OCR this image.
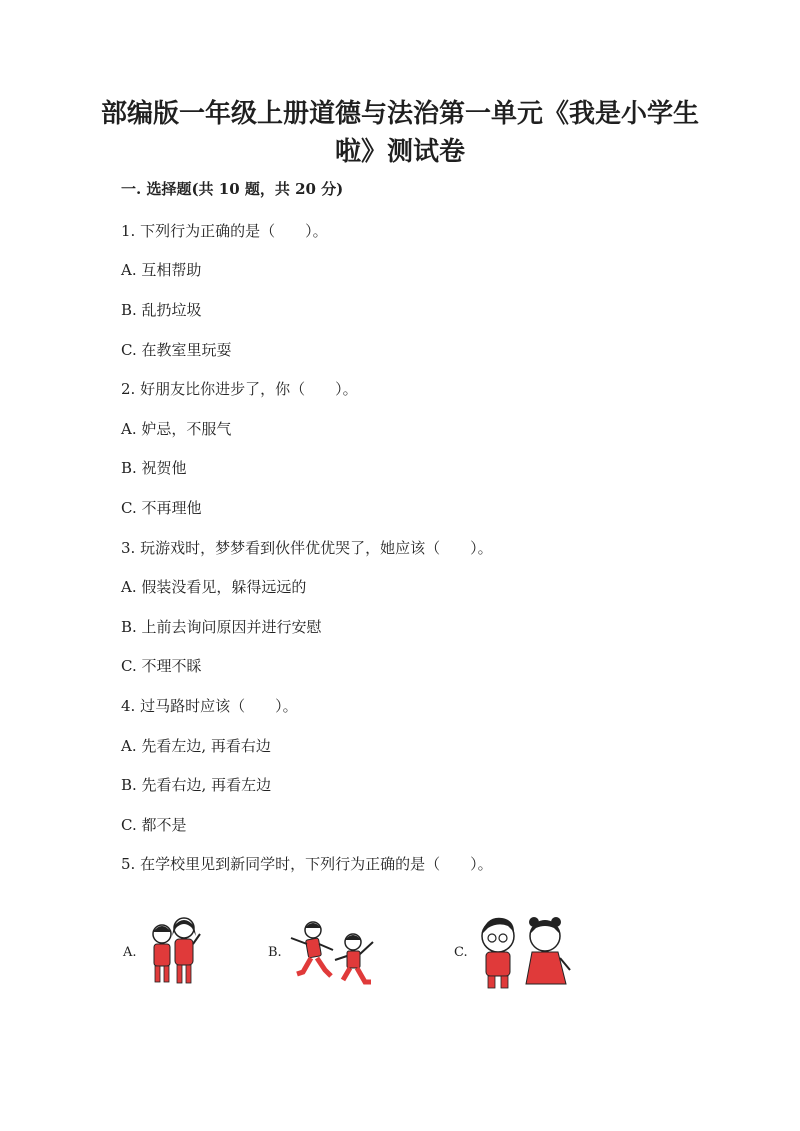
部编版一年级上册道德与法治第一单元《我是小学生啦》测试卷
一. 选择题(共 10 题，共 20 分)
1. 下列行为正确的是（　　）。
A. 互相帮助
B. 乱扔垃圾
C. 在教室里玩耍
2. 好朋友比你进步了，你（　　）。
A. 妒忌，不服气
B. 祝贺他
C. 不再理他
3. 玩游戏时，梦梦看到伙伴优优哭了，她应该（　　）。
A. 假装没看见，躲得远远的
B. 上前去询问原因并进行安慰
C. 不理不睬
4. 过马路时应该（　　）。
A. 先看左边, 再看右边
B. 先看右边, 再看左边
C. 都不是
5. 在学校里见到新同学时，下列行为正确的是（　　）。
A.	B.	C.
